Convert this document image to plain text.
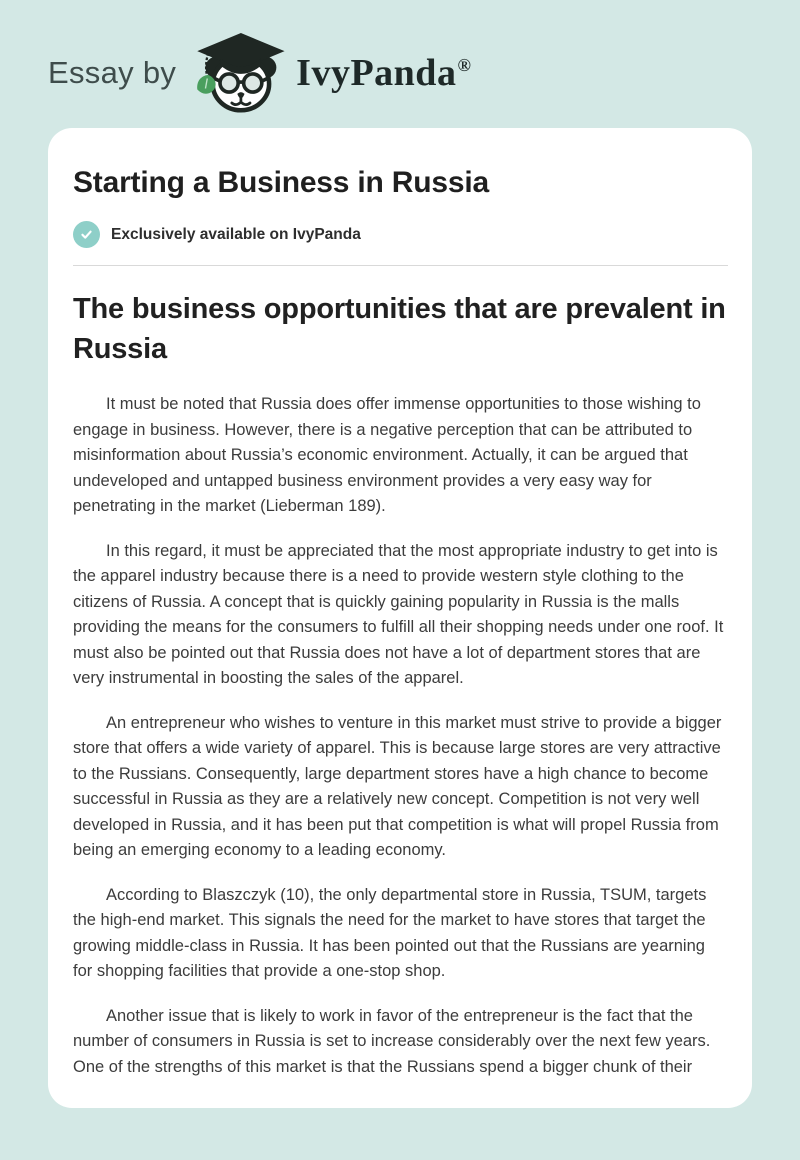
Essay by	IvyPanda®
Starting a Business in Russia
Exclusively available on IvyPanda
The business opportunities that are prevalent in Russia

It must be noted that Russia does offer immense opportunities to those wishing to engage in business. However, there is a negative perception that can be attributed to misinformation about Russia’s economic environment. Actually, it can be argued that undeveloped and untapped business environment provides a very easy way for penetrating in the market (Lieberman 189).

In this regard, it must be appreciated that the most appropriate industry to get into is the apparel industry because there is a need to provide western style clothing to the citizens of Russia. A concept that is quickly gaining popularity in Russia is the malls providing the means for the consumers to fulfill all their shopping needs under one roof. It must also be pointed out that Russia does not have a lot of department stores that are very instrumental in boosting the sales of the apparel.

An entrepreneur who wishes to venture in this market must strive to provide a bigger store that offers a wide variety of apparel. This is because large stores are very attractive to the Russians. Consequently, large department stores have a high chance to become successful in Russia as they are a relatively new concept. Competition is not very well developed in Russia, and it has been put that competition is what will propel Russia from being an emerging economy to a leading economy.

According to Blaszczyk (10), the only departmental store in Russia, TSUM, targets the high-end market. This signals the need for the market to have stores that target the growing middle-class in Russia. It has been pointed out that the Russians are yearning for shopping facilities that provide a one-stop shop.

Another issue that is likely to work in favor of the entrepreneur is the fact that the number of consumers in Russia is set to increase considerably over the next few years. One of the strengths of this market is that the Russians spend a bigger chunk of their
